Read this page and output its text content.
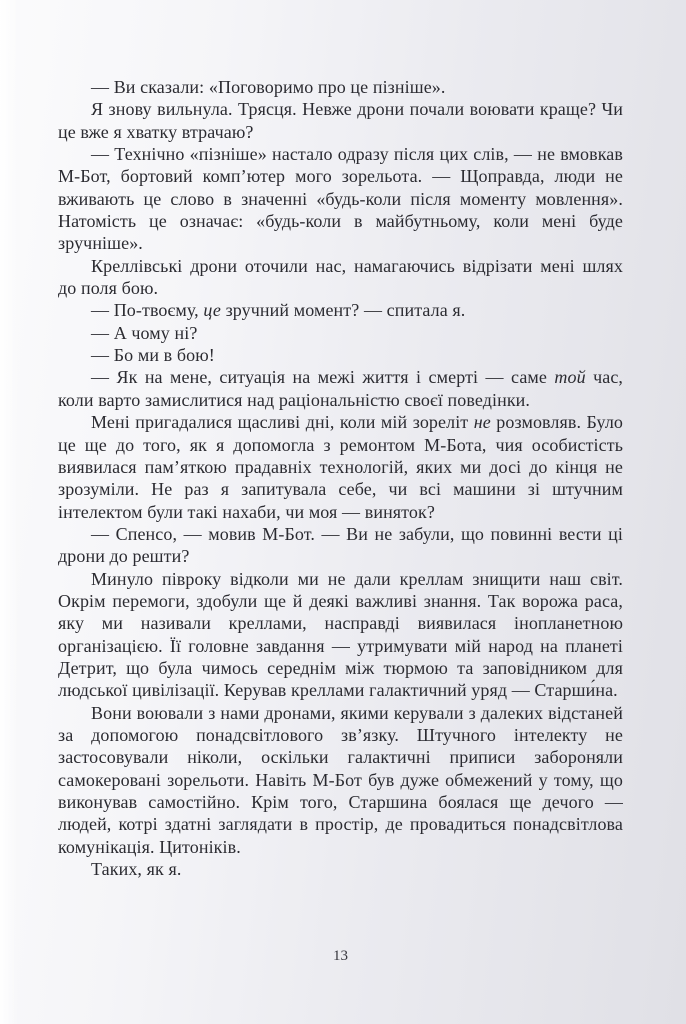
— Ви сказали: «Поговоримо про це пізніше».

Я знову вильнула. Трясця. Невже дрони почали воювати краще? Чи це вже я хватку втрачаю?

— Технічно «пізніше» настало одразу після цих слів, — не вмовкав М-Бот, бортовий комп’ютер мого зорельота. — Щоправда, люди не вживають це слово в значенні «будь-коли після моменту мовлення». Натомість це означає: «будь-коли в майбутньому, коли мені буде зручніше».

Креллівські дрони оточили нас, намагаючись відрізати мені шлях до поля бою.

— По-твоєму, це зручний момент? — спитала я.

— А чому ні?

— Бо ми в бою!

— Як на мене, ситуація на межі життя і смерті — саме той час, коли варто замислитися над раціональністю своєї поведінки.

Мені пригадалися щасливі дні, коли мій зореліт не розмовляв. Було це ще до того, як я допомогла з ремонтом М-Бота, чия особистість виявилася пам’яткою прадавніх технологій, яких ми досі до кінця не зрозуміли. Не раз я запитувала себе, чи всі машини зі штучним інтелектом були такі нахаби, чи моя — виняток?

— Спенсо, — мовив М-Бот. — Ви не забули, що повинні вести ці дрони до решти?

Минуло півроку відколи ми не дали креллам знищити наш світ. Окрім перемоги, здобули ще й деякі важливі знання. Так ворожа раса, яку ми називали креллами, насправді виявилася інопланетною організацією. Її головне завдання — утримувати мій народ на планеті Детрит, що була чимось середнім між тюрмою та заповідником для людської цивілізації. Керував креллами галактичний уряд — Старши́на.

Вони воювали з нами дронами, якими керували з далеких відстаней за допомогою понадсвітлового зв’язку. Штучного інтелекту не застосовували ніколи, оскільки галактичні приписи забороняли самокеровані зорельоти. Навіть М-Бот був дуже обмежений у тому, що виконував самостійно. Крім того, Старшина боялася ще дечого — людей, котрі здатні заглядати в простір, де провадиться понадсвітлова комунікація. Цитоніків.

Таких, як я.

13
